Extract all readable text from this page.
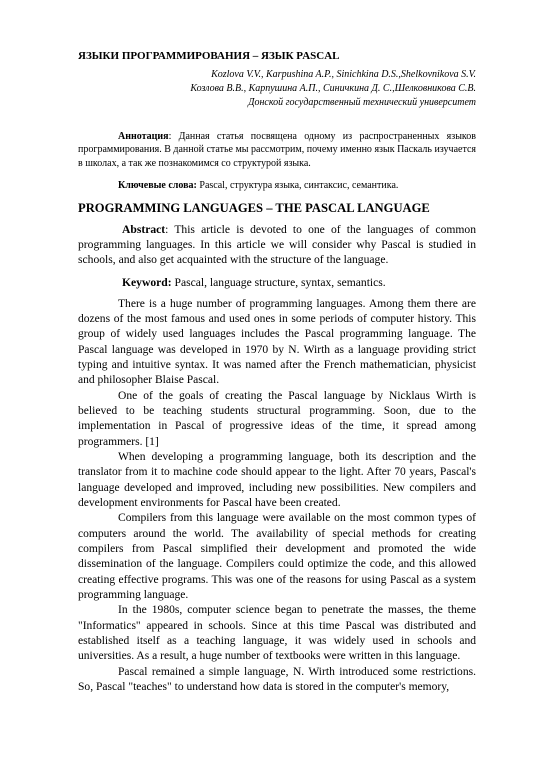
ЯЗЫКИ ПРОГРАММИРОВАНИЯ – ЯЗЫК PASCAL
Kozlova V.V., Karpushina A.P., Sinichkina D.S.,Shelkovnikova S.V.
Козлова В.В., Карпушина А.П., Синичкина Д. С.,Шелковникова С.В.
Донской государственный технический университет
Аннотация: Данная статья посвящена одному из распространенных языков программирования. В данной статье мы рассмотрим, почему именно язык Паскаль изучается в школах, а так же познакомимся со структурой языка.
Ключевые слова: Pascal, структура языка, синтаксис, семантика.
PROGRAMMING LANGUAGES – THE PASCAL LANGUAGE
Abstract: This article is devoted to one of the languages of common programming languages. In this article we will consider why Pascal is studied in schools, and also get acquainted with the structure of the language.
Keyword: Pascal, language structure, syntax, semantics.

There is a huge number of programming languages. Among them there are dozens of the most famous and used ones in some periods of computer history. This group of widely used languages includes the Pascal programming language. The Pascal language was developed in 1970 by N. Wirth as a language providing strict typing and intuitive syntax. It was named after the French mathematician, physicist and philosopher Blaise Pascal.

One of the goals of creating the Pascal language by Nicklaus Wirth is believed to be teaching students structural programming. Soon, due to the implementation in Pascal of progressive ideas of the time, it spread among programmers. [1]

When developing a programming language, both its description and the translator from it to machine code should appear to the light. After 70 years, Pascal's language developed and improved, including new possibilities. New compilers and development environments for Pascal have been created.

Compilers from this language were available on the most common types of computers around the world. The availability of special methods for creating compilers from Pascal simplified their development and promoted the wide dissemination of the language. Compilers could optimize the code, and this allowed creating effective programs. This was one of the reasons for using Pascal as a system programming language.

In the 1980s, computer science began to penetrate the masses, the theme "Informatics" appeared in schools. Since at this time Pascal was distributed and established itself as a teaching language, it was widely used in schools and universities. As a result, a huge number of textbooks were written in this language.

Pascal remained a simple language, N. Wirth introduced some restrictions. So, Pascal "teaches" to understand how data is stored in the computer's memory,
